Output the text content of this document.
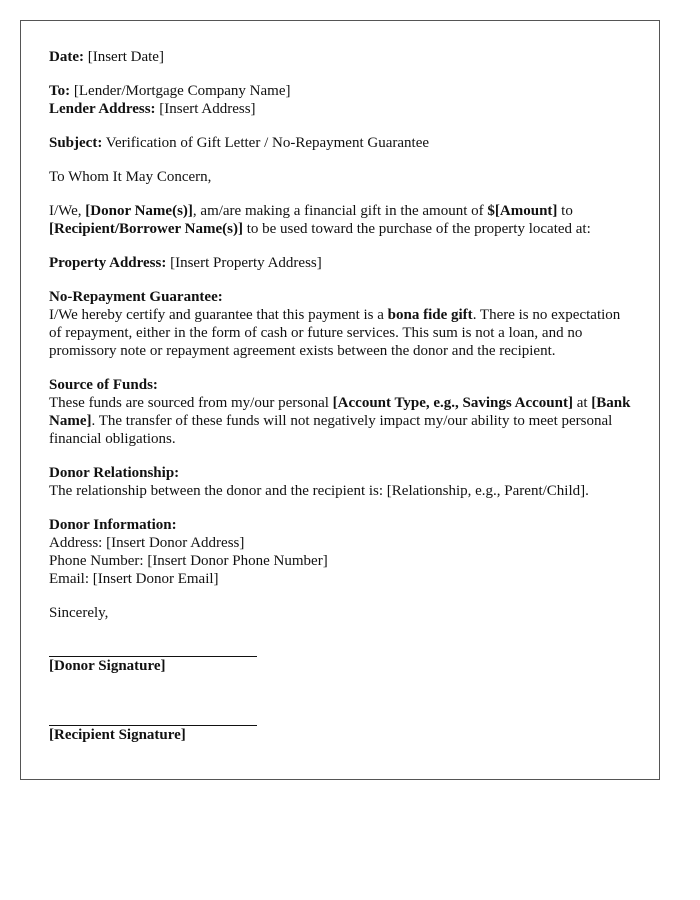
Date: [Insert Date]

To: [Lender/Mortgage Company Name]

Lender Address: [Insert Address]

Subject: Verification of Gift Letter / No-Repayment Guarantee

To Whom It May Concern,

I/We, [Donor Name(s)], am/are making a financial gift in the amount of $[Amount] to [Recipient/Borrower Name(s)] to be used toward the purchase of the property located at:

Property Address: [Insert Property Address]

No-Repayment Guarantee:
I/We hereby certify and guarantee that this payment is a bona fide gift. There is no expectation of repayment, either in the form of cash or future services. This sum is not a loan, and no promissory note or repayment agreement exists between the donor and the recipient.

Source of Funds:
These funds are sourced from my/our personal [Account Type, e.g., Savings Account] at [Bank Name]. The transfer of these funds will not negatively impact my/our ability to meet personal financial obligations.

Donor Relationship:
The relationship between the donor and the recipient is: [Relationship, e.g., Parent/Child].

Donor Information:
Address: [Insert Donor Address]
Phone Number: [Insert Donor Phone Number]
Email: [Insert Donor Email]

Sincerely,

[Donor Signature]

[Recipient Signature]
